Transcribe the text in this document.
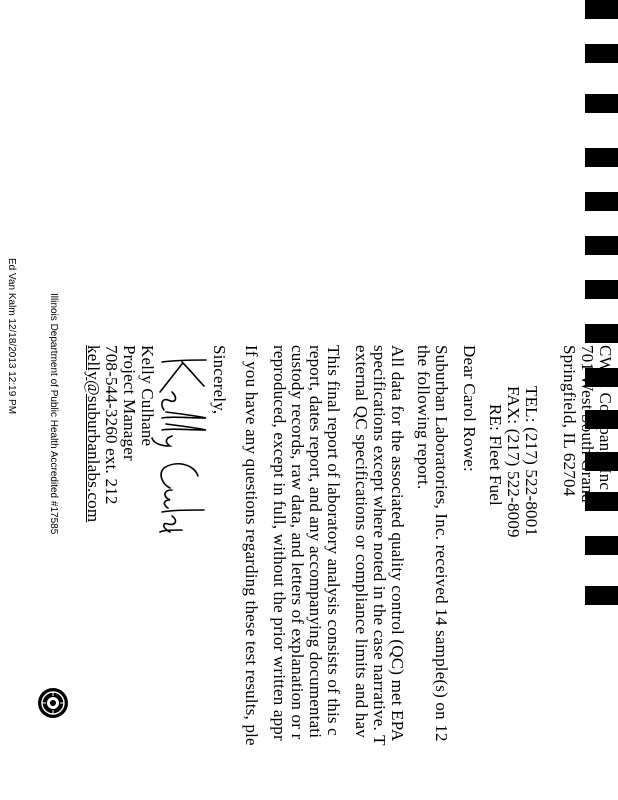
CWM Company, Inc
701 West South Grand
Springfield, IL 62704
TEL: (217) 522-8001
FAX: (217) 522-8009
RE: Fleet Fuel
Dear Carol Rowe:
Suburban Laboratories, Inc. received 14 sample(s) on 12
the following report.
All data for the associated quality control (QC) met EPA
specifications except where noted in the case narrative. T
external QC specifications or compliance limits and hav
This final report of laboratory analysis consists of this c
report, dates report, and any accompanying documentati
custody records, raw data, and letters of explanation or r
reproduced, except in full, without the prior written appr
If you have any questions regarding these test results, ple
Sincerely,
Kelly Culhane
Project Manager
708-544-3260 ext. 212
kelly@suburbanlabs.com
Illinois Department of Public Health Accredited #17585
Ed Van Kalm 12/18/2013 12:19 PM
